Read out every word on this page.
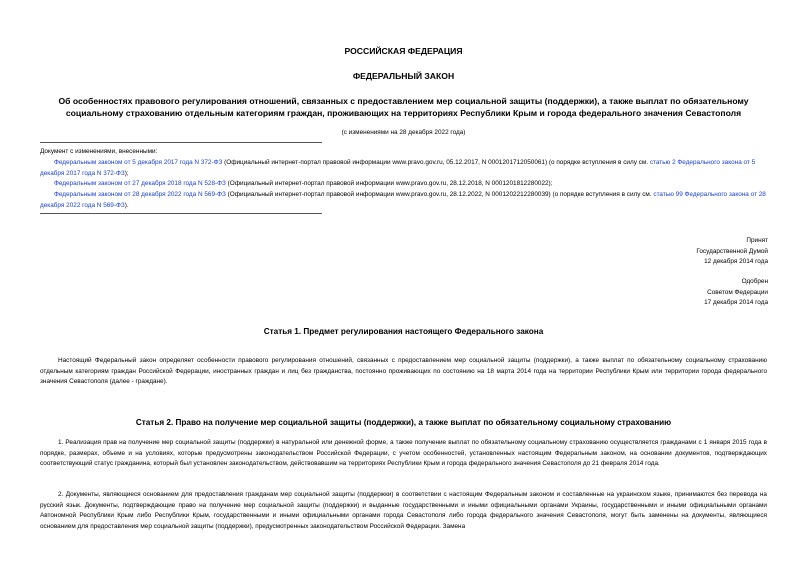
РОССИЙСКАЯ ФЕДЕРАЦИЯ
ФЕДЕРАЛЬНЫЙ ЗАКОН
Об особенностях правового регулирования отношений, связанных с предоставлением мер социальной защиты (поддержки), а также выплат по обязательному
социальному страхованию отдельным категориям граждан, проживающих на территориях Республики Крым и города федерального значения Севастополя
(с изменениями на 28 декабря 2022 года)

Документ с изменениями, внесенными:

Федеральным законом от 5 декабря 2017 года N 372-ФЗ (Официальный интернет-портал правовой информации www.pravo.gov.ru, 05.12.2017, N 0001201712050061) (о порядке вступления в силу см. статью 2 Федерального закона от 5 декабря 2017 года N 372-ФЗ);

Федеральным законом от 27 декабря 2018 года N 528-ФЗ (Официальный интернет-портал правовой информации www.pravo.gov.ru, 28.12.2018, N 0001201812280022);

Федеральным законом от 28 декабря 2022 года N 569-ФЗ (Официальный интернет-портал правовой информации www.pravo.gov.ru, 28.12.2022, N 0001202212280039) (о порядке вступления в силу см. статью 99 Федерального закона от 28 декабря 2022 года N 569-ФЗ).

Принят
Государственной Думой
12 декабря 2014 года
Одобрен
Советом Федерации
17 декабря 2014 года
Статья 1. Предмет регулирования настоящего Федерального закона
Настоящий Федеральный закон определяет особенности правового регулирования отношений, связанных с предоставлением мер социальной защиты (поддержки), а также выплат по обязательному социальному страхованию отдельным категориям граждан Российской Федерации, иностранных граждан и лиц без гражданства, постоянно проживающих по состоянию на 18 марта 2014 года на территории Республики Крым или территории города федерального значения Севастополя (далее - граждане).
Статья 2. Право на получение мер социальной защиты (поддержки), а также выплат по обязательному социальному страхованию
1. Реализация прав на получение мер социальной защиты (поддержки) в натуральной или денежной форме, а также получение выплат по обязательному социальному страхованию осуществляется гражданами с 1 января 2015 года в порядке, размерах, объеме и на условиях, которые предусмотрены законодательством Российской Федерации, с учетом особенностей, установленных настоящим Федеральным законом, на основании документов, подтверждающих соответствующий статус гражданина, который был установлен законодательством, действовавшим на территориях Республики Крым и города федерального значения Севастополя до 21 февраля 2014 года.
2. Документы, являющиеся основанием для предоставления гражданам мер социальной защиты (поддержки) в соответствии с настоящим Федеральным законом и составленные на украинском языке, принимаются без перевода на русский язык. Документы, подтверждающие право на получение мер социальной защиты (поддержки) и выданные государственными и иными официальными органами Украины, государственными и иными официальными органами Автономной Республики Крым либо Республики Крым, государственными и иными официальными органами города Севастополя либо города федерального значения Севастополя, могут быть заменены на документы, являющиеся основанием для предоставления мер социальной защиты (поддержки), предусмотренных законодательством Российской Федерации. Замена
